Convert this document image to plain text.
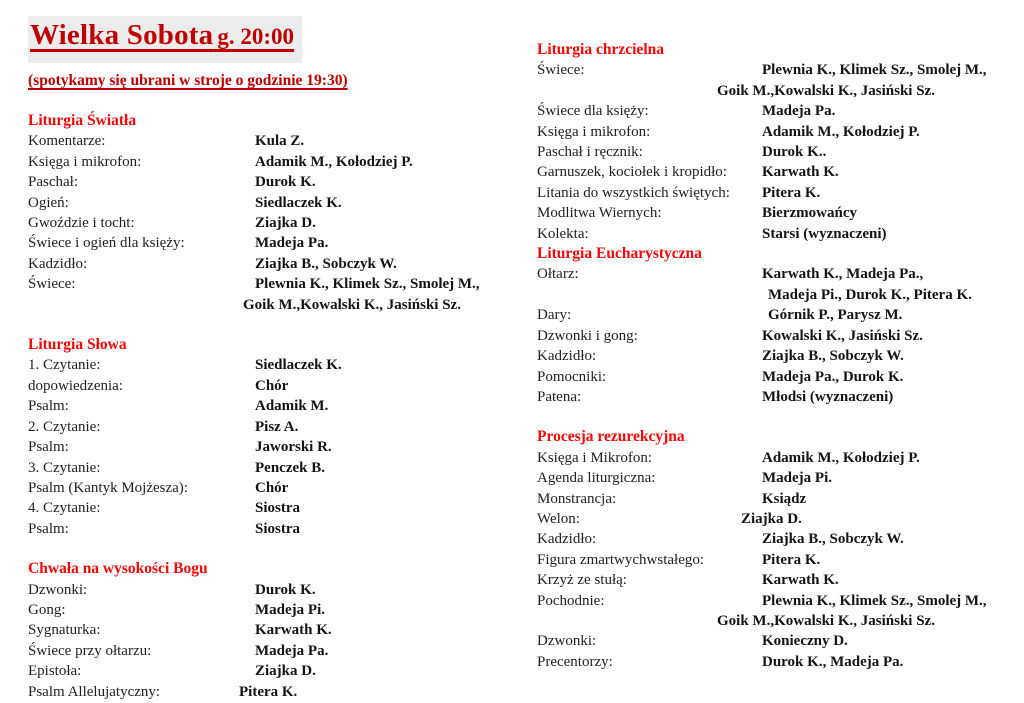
Wielka Sobota g. 20:00
(spotykamy się ubrani w stroje o godzinie 19:30)
Liturgia Światła
Komentarze:	Kula Z.
Księga i mikrofon:	Adamik M., Kołodziej P.
Paschał:	Durok K.
Ogień:	Siedlaczek K.
Gwoździe i tocht:	Ziajka D.
Świece i ogień dla księży:	Madeja Pa.
Kadzidło:	Ziajka B., Sobczyk W.
Świece:	Plewnia K., Klimek Sz., Smolej M.,
Goik M.,Kowalski K., Jasiński Sz.
Liturgia Słowa
1. Czytanie:	Siedlaczek K.
dopowiedzenia:	Chór
Psalm:	Adamik M.
2. Czytanie:	Pisz A.
Psalm:	Jaworski R.
3. Czytanie:	Penczek B.
Psalm (Kantyk Mojżesza):	Chór
4. Czytanie:	Siostra
Psalm:	Siostra
Chwała na wysokości Bogu
Dzwonki:	Durok K.
Gong:	Madeja Pi.
Sygnaturka:	Karwath K.
Świece przy ołtarzu:	Madeja Pa.
Epistoła:	Ziajka D.
Psalm Allelujatyczny:	Pitera K.
Liturgia chrzcielna
Świece:	Plewnia K., Klimek Sz., Smolej M.,
Goik M.,Kowalski K., Jasiński Sz.
Świece dla księży:	Madeja Pa.
Księga i mikrofon:	Adamik M., Kołodziej P.
Paschał i ręcznik:	Durok K..
Garnuszek, kociołek i kropidło:	Karwath K.
Litania do wszystkich świętych:	Pitera K.
Modlitwa Wiernych:	Bierzmowańcy
Kolekta:	Starsi (wyznaczeni)
Liturgia Eucharystyczna
Ołtarz:	Karwath K., Madeja Pa.,
Madeja Pi., Durok K., Pitera K.
Dary:	Górnik P., Parysz M.
Dzwonki i gong:	Kowalski K., Jasiński Sz.
Kadzidło:	Ziajka B., Sobczyk W.
Pomocniki:	Madeja Pa., Durok K.
Patena:	Młodsi (wyznaczeni)
Procesja rezurekcyjna
Księga i Mikrofon:	Adamik M., Kołodziej P.
Agenda liturgiczna:	Madeja Pi.
Monstrancja:	Ksiądz
Welon:	Ziajka D.
Kadzidło:	Ziajka B., Sobczyk W.
Figura zmartwychwstałego:	Pitera K.
Krzyż ze stułą:	Karwath K.
Pochodnie:	Plewnia K., Klimek Sz., Smolej M.,
Goik M.,Kowalski K., Jasiński Sz.
Dzwonki:	Konieczny D.
Precentorzy:	Durok K., Madeja Pa.
